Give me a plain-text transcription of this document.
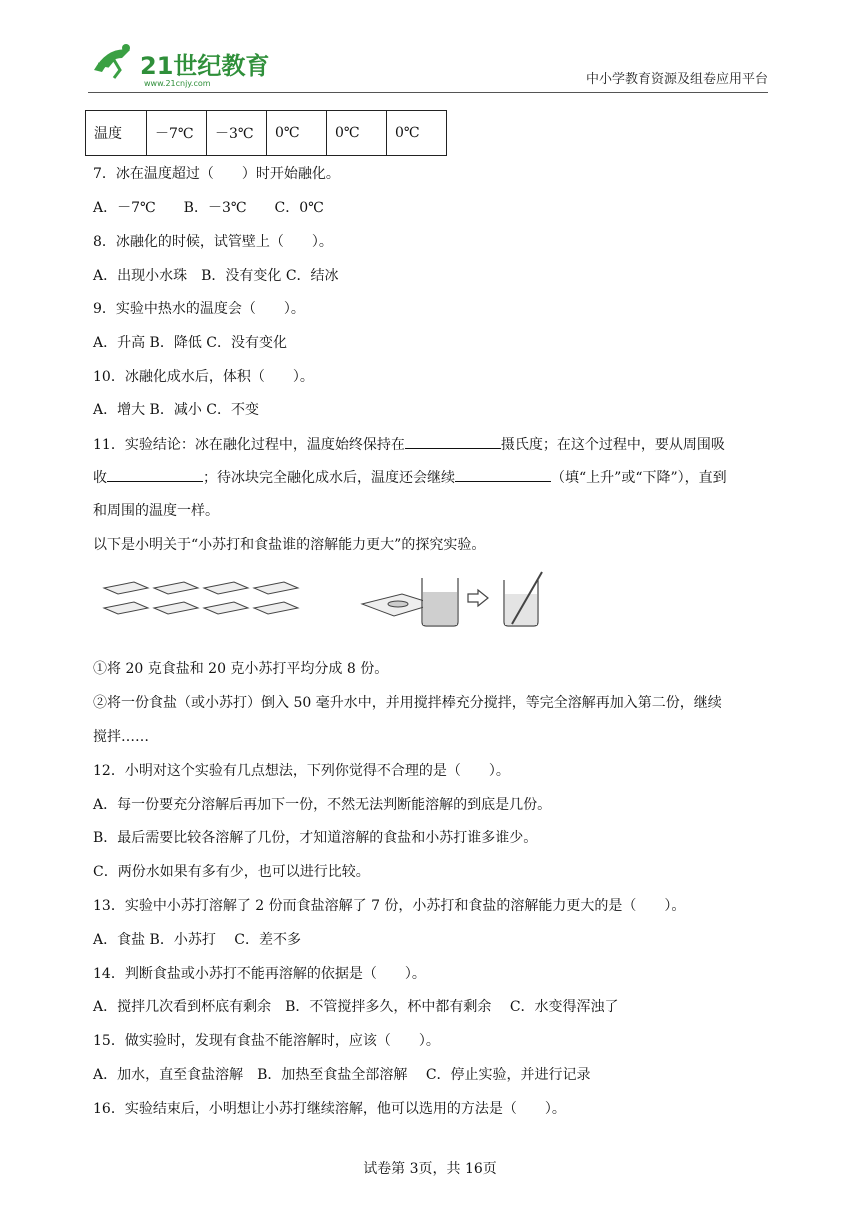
21世纪教育
www.21cnjy.com	中小学教育资源及组卷应用平台
温度	－7℃	－3℃	0℃	0℃	0℃
7．冰在温度超过（　　）时开始融化。
A．－7℃　　B．－3℃　　C．0℃
8．冰融化的时候，试管壁上（　　）。
A．出现小水珠　B．没有变化 C．结冰
9．实验中热水的温度会（　　）。
A．升高 B．降低 C．没有变化
10．冰融化成水后，体积（　　）。
A．增大 B．减小 C．不变
11．实验结论：冰在融化过程中，温度始终保持在	摄氏度；在这个过程中，要从周围吸
收	；待冰块完全融化成水后，温度还会继续	（填“上升”或“下降”），直到
和周围的温度一样。
以下是小明关于“小苏打和食盐谁的溶解能力更大”的探究实验。
①将 20 克食盐和 20 克小苏打平均分成 8 份。
②将一份食盐（或小苏打）倒入 50 毫升水中，并用搅拌棒充分搅拌，等完全溶解再加入第二份，继续
搅拌……
12．小明对这个实验有几点想法，下列你觉得不合理的是（　　）。
A．每一份要充分溶解后再加下一份，不然无法判断能溶解的到底是几份。
B．最后需要比较各溶解了几份，才知道溶解的食盐和小苏打谁多谁少。
C．两份水如果有多有少，也可以进行比较。
13．实验中小苏打溶解了 2 份而食盐溶解了 7 份，小苏打和食盐的溶解能力更大的是（　　）。
A．食盐 B．小苏打　 C．差不多
14．判断食盐或小苏打不能再溶解的依据是（　　）。
A．搅拌几次看到杯底有剩余　B．不管搅拌多久，杯中都有剩余　 C．水变得浑浊了
15．做实验时，发现有食盐不能溶解时，应该（　　）。
A．加水，直至食盐溶解　B．加热至食盐全部溶解　 C．停止实验，并进行记录
16．实验结束后，小明想让小苏打继续溶解，他可以选用的方法是（　　）。
试卷第 3页，共 16页
